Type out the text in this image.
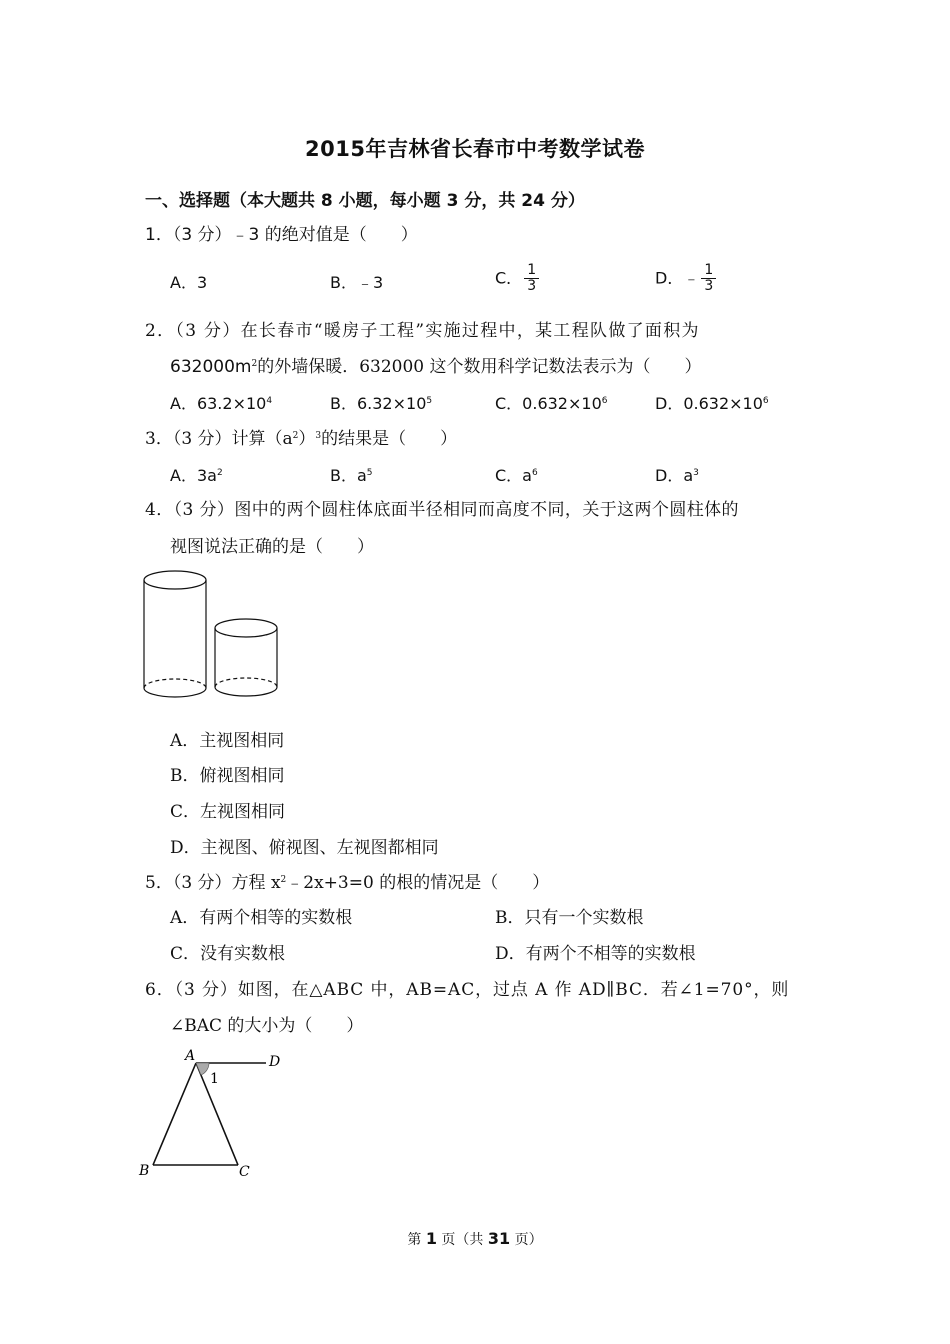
2015年吉林省长春市中考数学试卷
一、选择题（本大题共 8 小题，每小题 3 分，共 24 分）
1．（3 分）﹣3 的绝对值是（　　）
A．3	B．﹣3	C． $\frac{1}{3}$	D．﹣ $\frac{1}{3}$
2．（3 分）在长春市“暖房子工程”实施过程中，某工程队做了面积为
$632000m^2$的外墙保暖．632000 这个数用科学记数法表示为（　　）
A．$63.2\times 10^4$	B．$6.32\times 10^5$	C．$0.632\times 10^6$	D．$0.632\times 10^6$
3．（3 分）计算$(a^2)^3$的结果是（　　）
A．$3a^2$	B．$a^5$	C．$a^6$	D．$a^3$
4．（3 分）图中的两个圆柱体底面半径相同而高度不同，关于这两个圆柱体的
视图说法正确的是（　　）
A．主视图相同
B．俯视图相同
C．左视图相同
D．主视图、俯视图、左视图都相同
5．（3 分）方程 $x^2﹣2x+3=0$ 的根的情况是（　　）
A．有两个相等的实数根	B．只有一个实数根
C．没有实数根	D．有两个不相等的实数根
6．（3 分）如图，在△ABC 中，AB=AC，过点 A 作 AD∥BC．若∠1=70°，则
∠BAC 的大小为（　　）
A	D
1
B	C
第 1 页（共 31 页）
